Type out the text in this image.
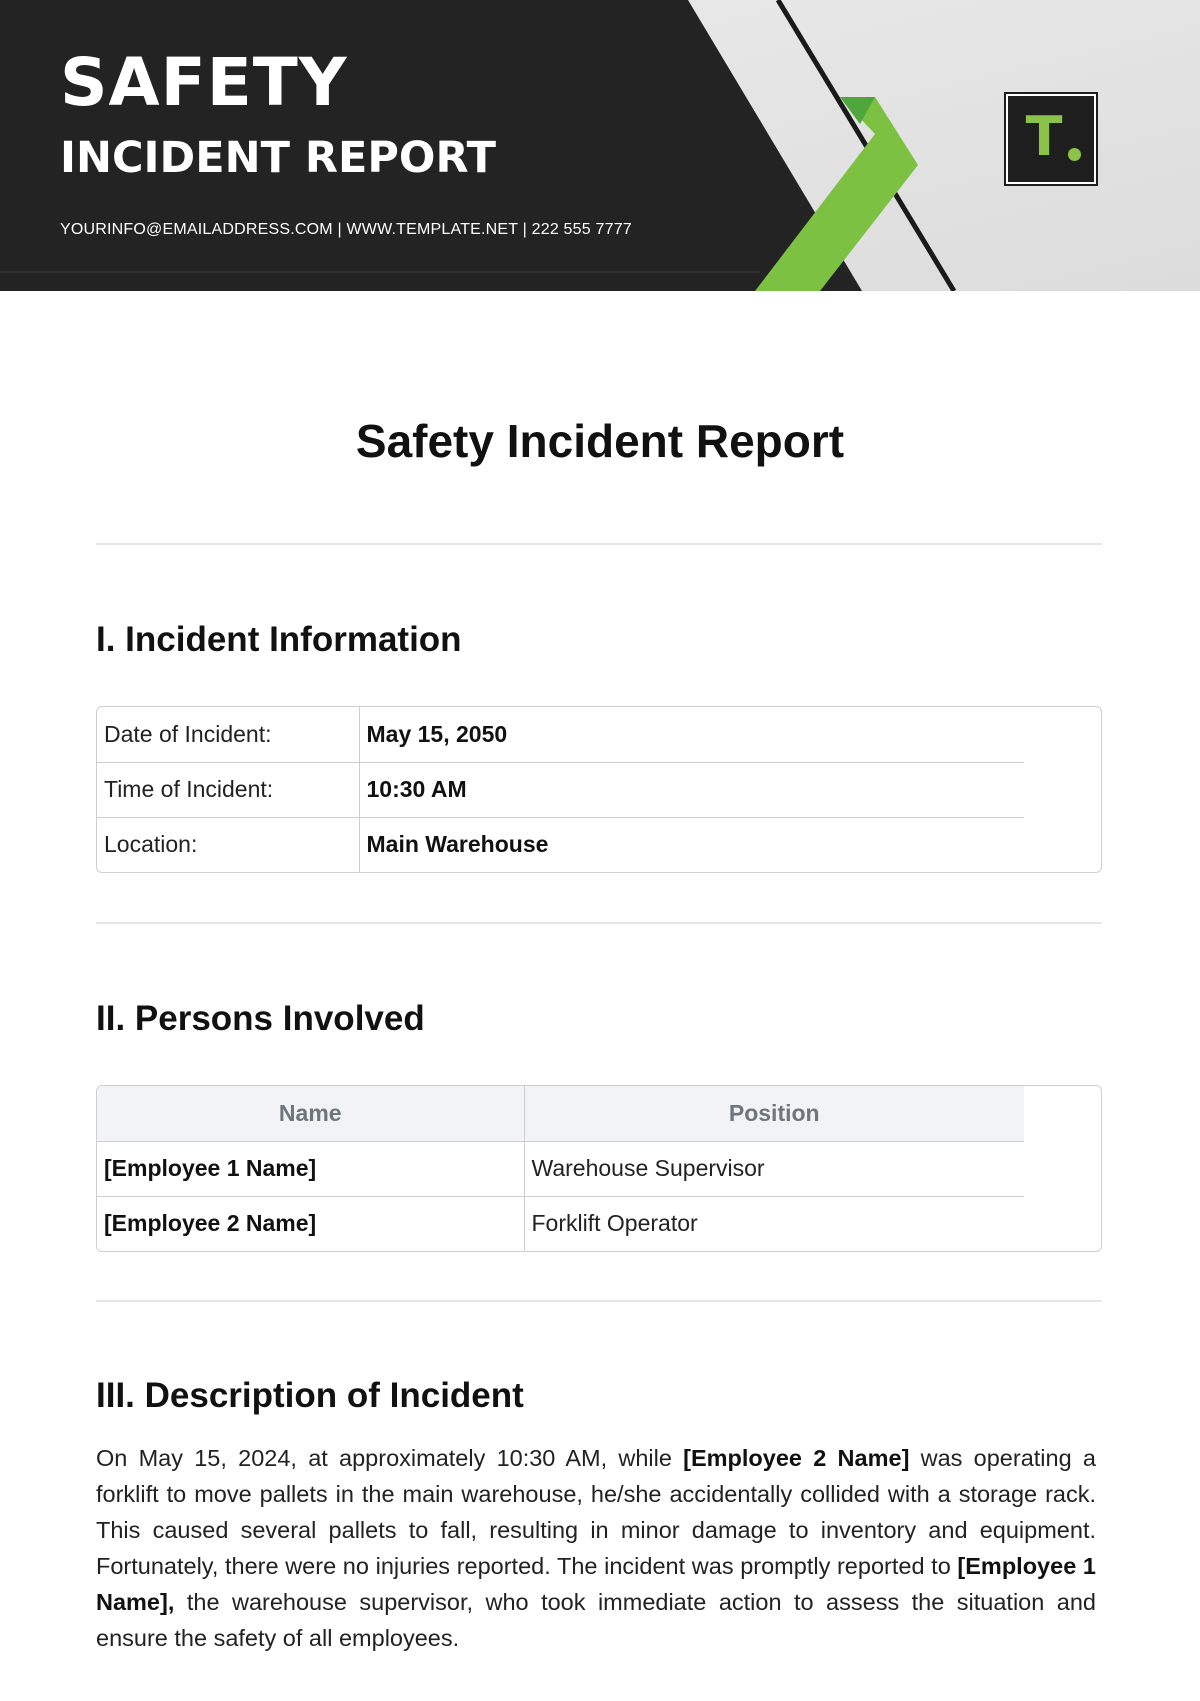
SAFETY
INCIDENT REPORT
YOURINFO@EMAILADDRESS.COM | WWW.TEMPLATE.NET | 222 555 7777
T
Safety Incident Report
I. Incident Information
Date of Incident:	May 15, 2050
Time of Incident:	10:30 AM
Location:	Main Warehouse
II. Persons Involved
Name	Position
[Employee 1 Name]	Warehouse Supervisor
[Employee 2 Name]	Forklift Operator
III. Description of Incident

On May 15, 2024, at approximately 10:30 AM, while [Employee 2 Name] was operating a forklift to move pallets in the main warehouse, he/she accidentally collided with a storage rack. This caused several pallets to fall, resulting in minor damage to inventory and equipment. Fortunately, there were no injuries reported. The incident was promptly reported to [Employee 1 Name], the warehouse supervisor, who took immediate action to assess the situation and ensure the safety of all employees.
